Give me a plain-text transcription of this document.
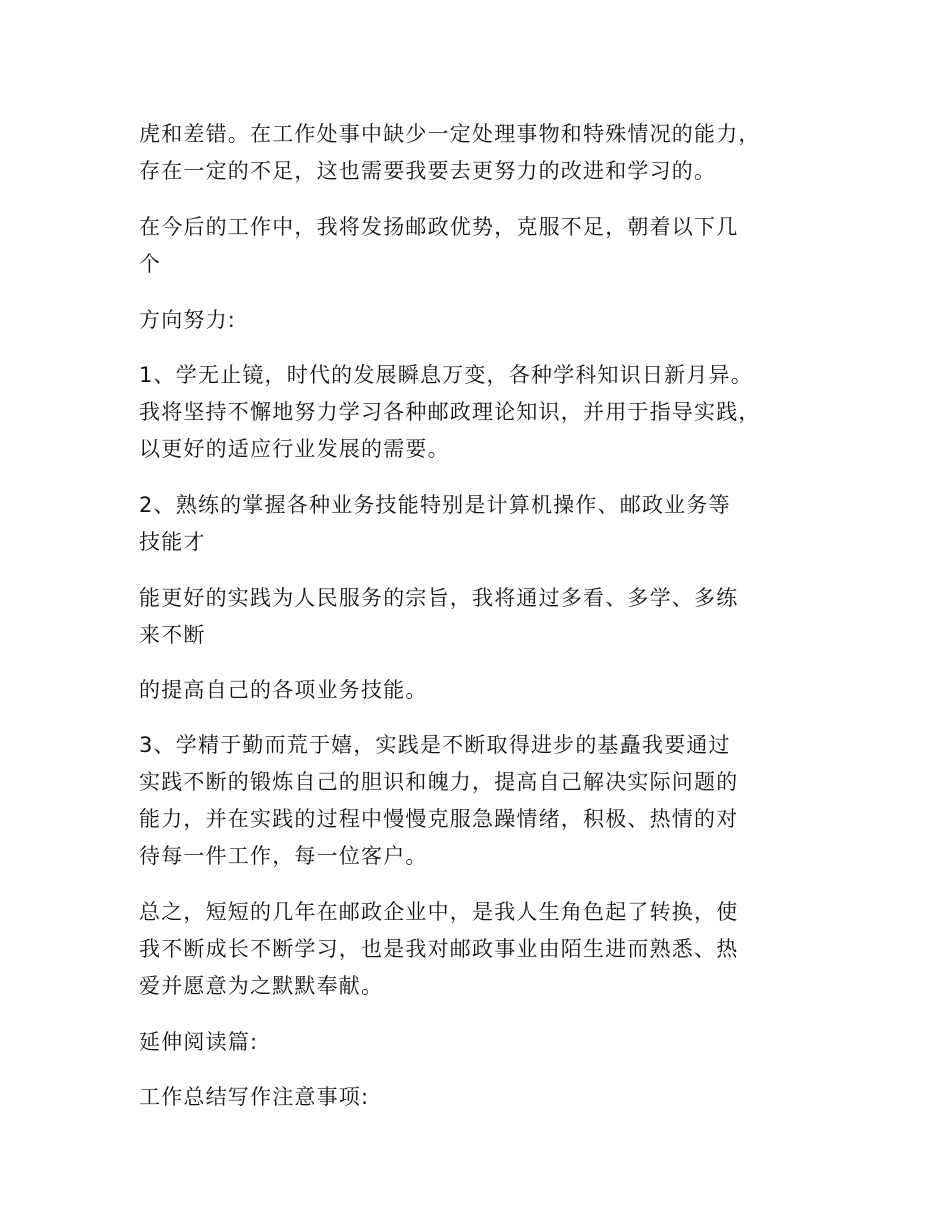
虎和差错。在工作处事中缺少一定处理事物和特殊情况的能力，
存在一定的不足，这也需要我要去更努力的改进和学习的。

在今后的工作中，我将发扬邮政优势，克服不足，朝着以下几
个

方向努力:

1、学无止镜，时代的发展瞬息万变，各种学科知识日新月异。
我将坚持不懈地努力学习各种邮政理论知识，并用于指导实践，
以更好的适应行业发展的需要。

2、熟练的掌握各种业务技能特别是计算机操作、邮政业务等
技能才

能更好的实践为人民服务的宗旨，我将通过多看、多学、多练
来不断

的提高自己的各项业务技能。

3、学精于勤而荒于嬉，实践是不断取得进步的基矗我要通过
实践不断的锻炼自己的胆识和魄力，提高自己解决实际问题的
能力，并在实践的过程中慢慢克服急躁情绪，积极、热情的对
待每一件工作，每一位客户。

总之，短短的几年在邮政企业中，是我人生角色起了转换，使
我不断成长不断学习，也是我对邮政事业由陌生进而熟悉、热
爱并愿意为之默默奉献。

延伸阅读篇:

工作总结写作注意事项:
